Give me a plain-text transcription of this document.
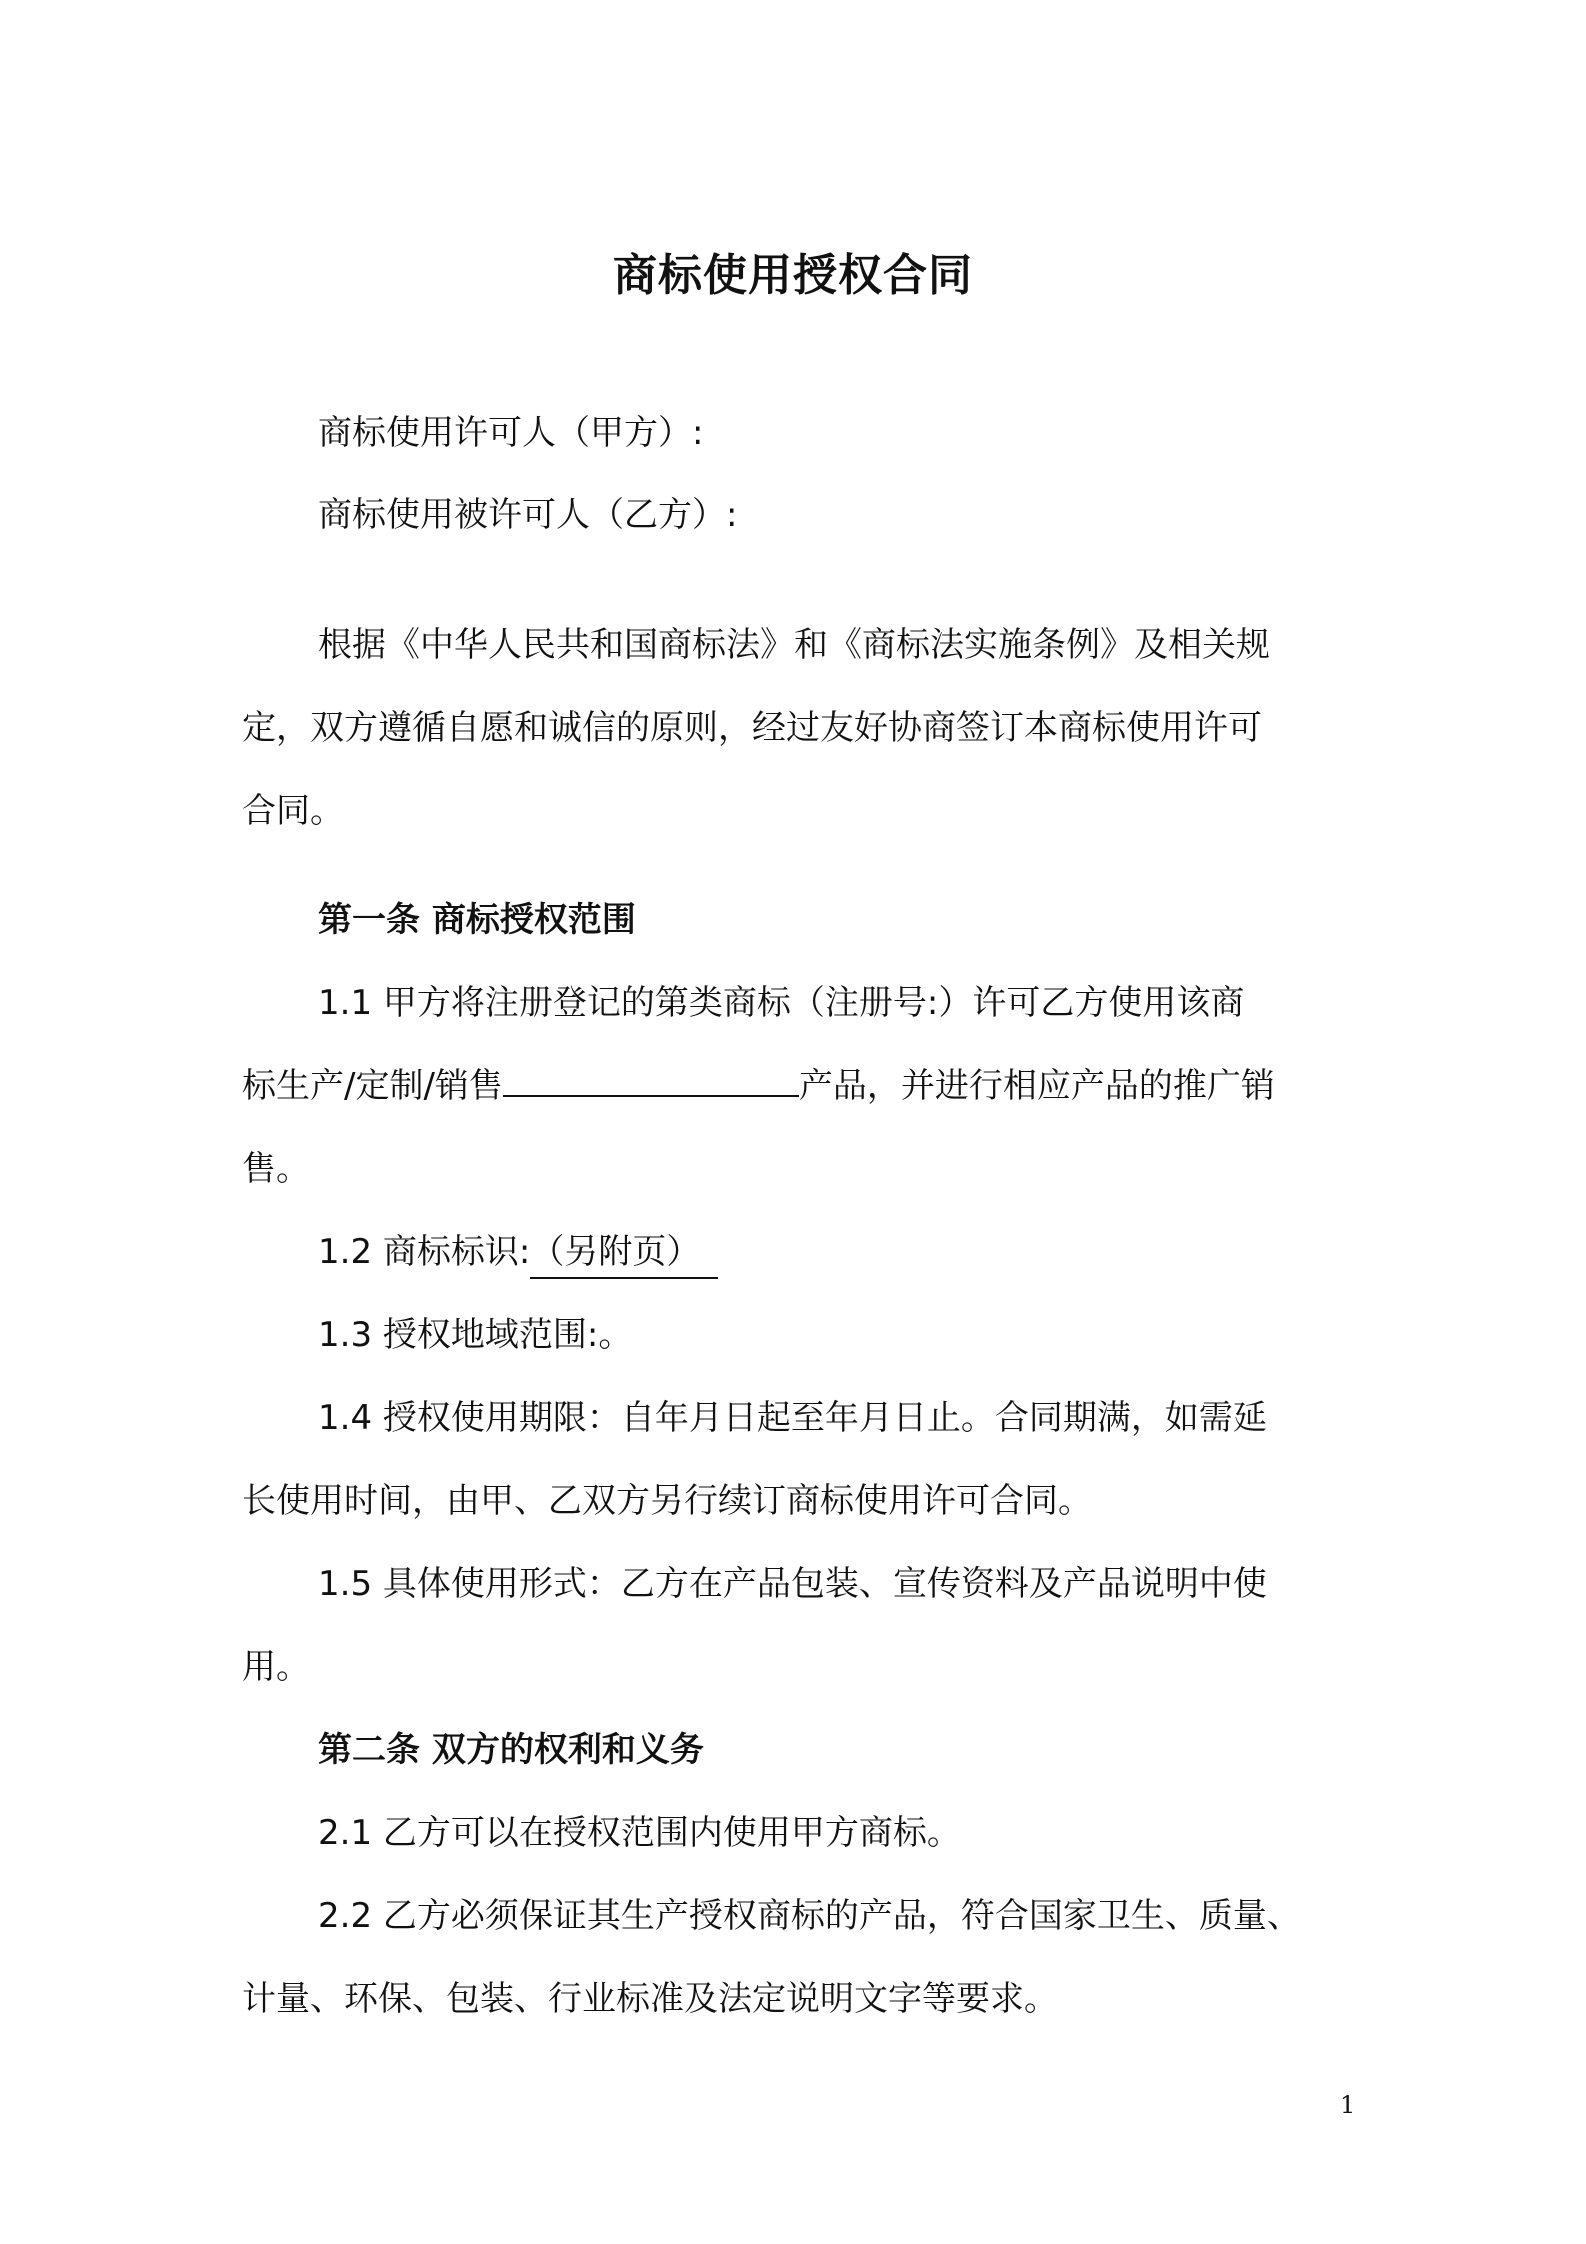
商标使用授权合同
商标使用许可人（甲方）:
商标使用被许可人（乙方）:
根据《中华人民共和国商标法》和《商标法实施条例》及相关规
定，双方遵循自愿和诚信的原则，经过友好协商签订本商标使用许可
合同。
第一条 商标授权范围
1.1 甲方将注册登记的第类商标（注册号:）许可乙方使用该商
标生产/定制/销售	产品，并进行相应产品的推广销
售。
1.2 商标标识:（另附页）
1.3 授权地域范围:。
1.4 授权使用期限：自年月日起至年月日止。合同期满，如需延
长使用时间，由甲、乙双方另行续订商标使用许可合同。
1.5 具体使用形式：乙方在产品包装、宣传资料及产品说明中使
用。
第二条 双方的权利和义务
2.1 乙方可以在授权范围内使用甲方商标。
2.2 乙方必须保证其生产授权商标的产品，符合国家卫生、质量、
计量、环保、包装、行业标准及法定说明文字等要求。
1
